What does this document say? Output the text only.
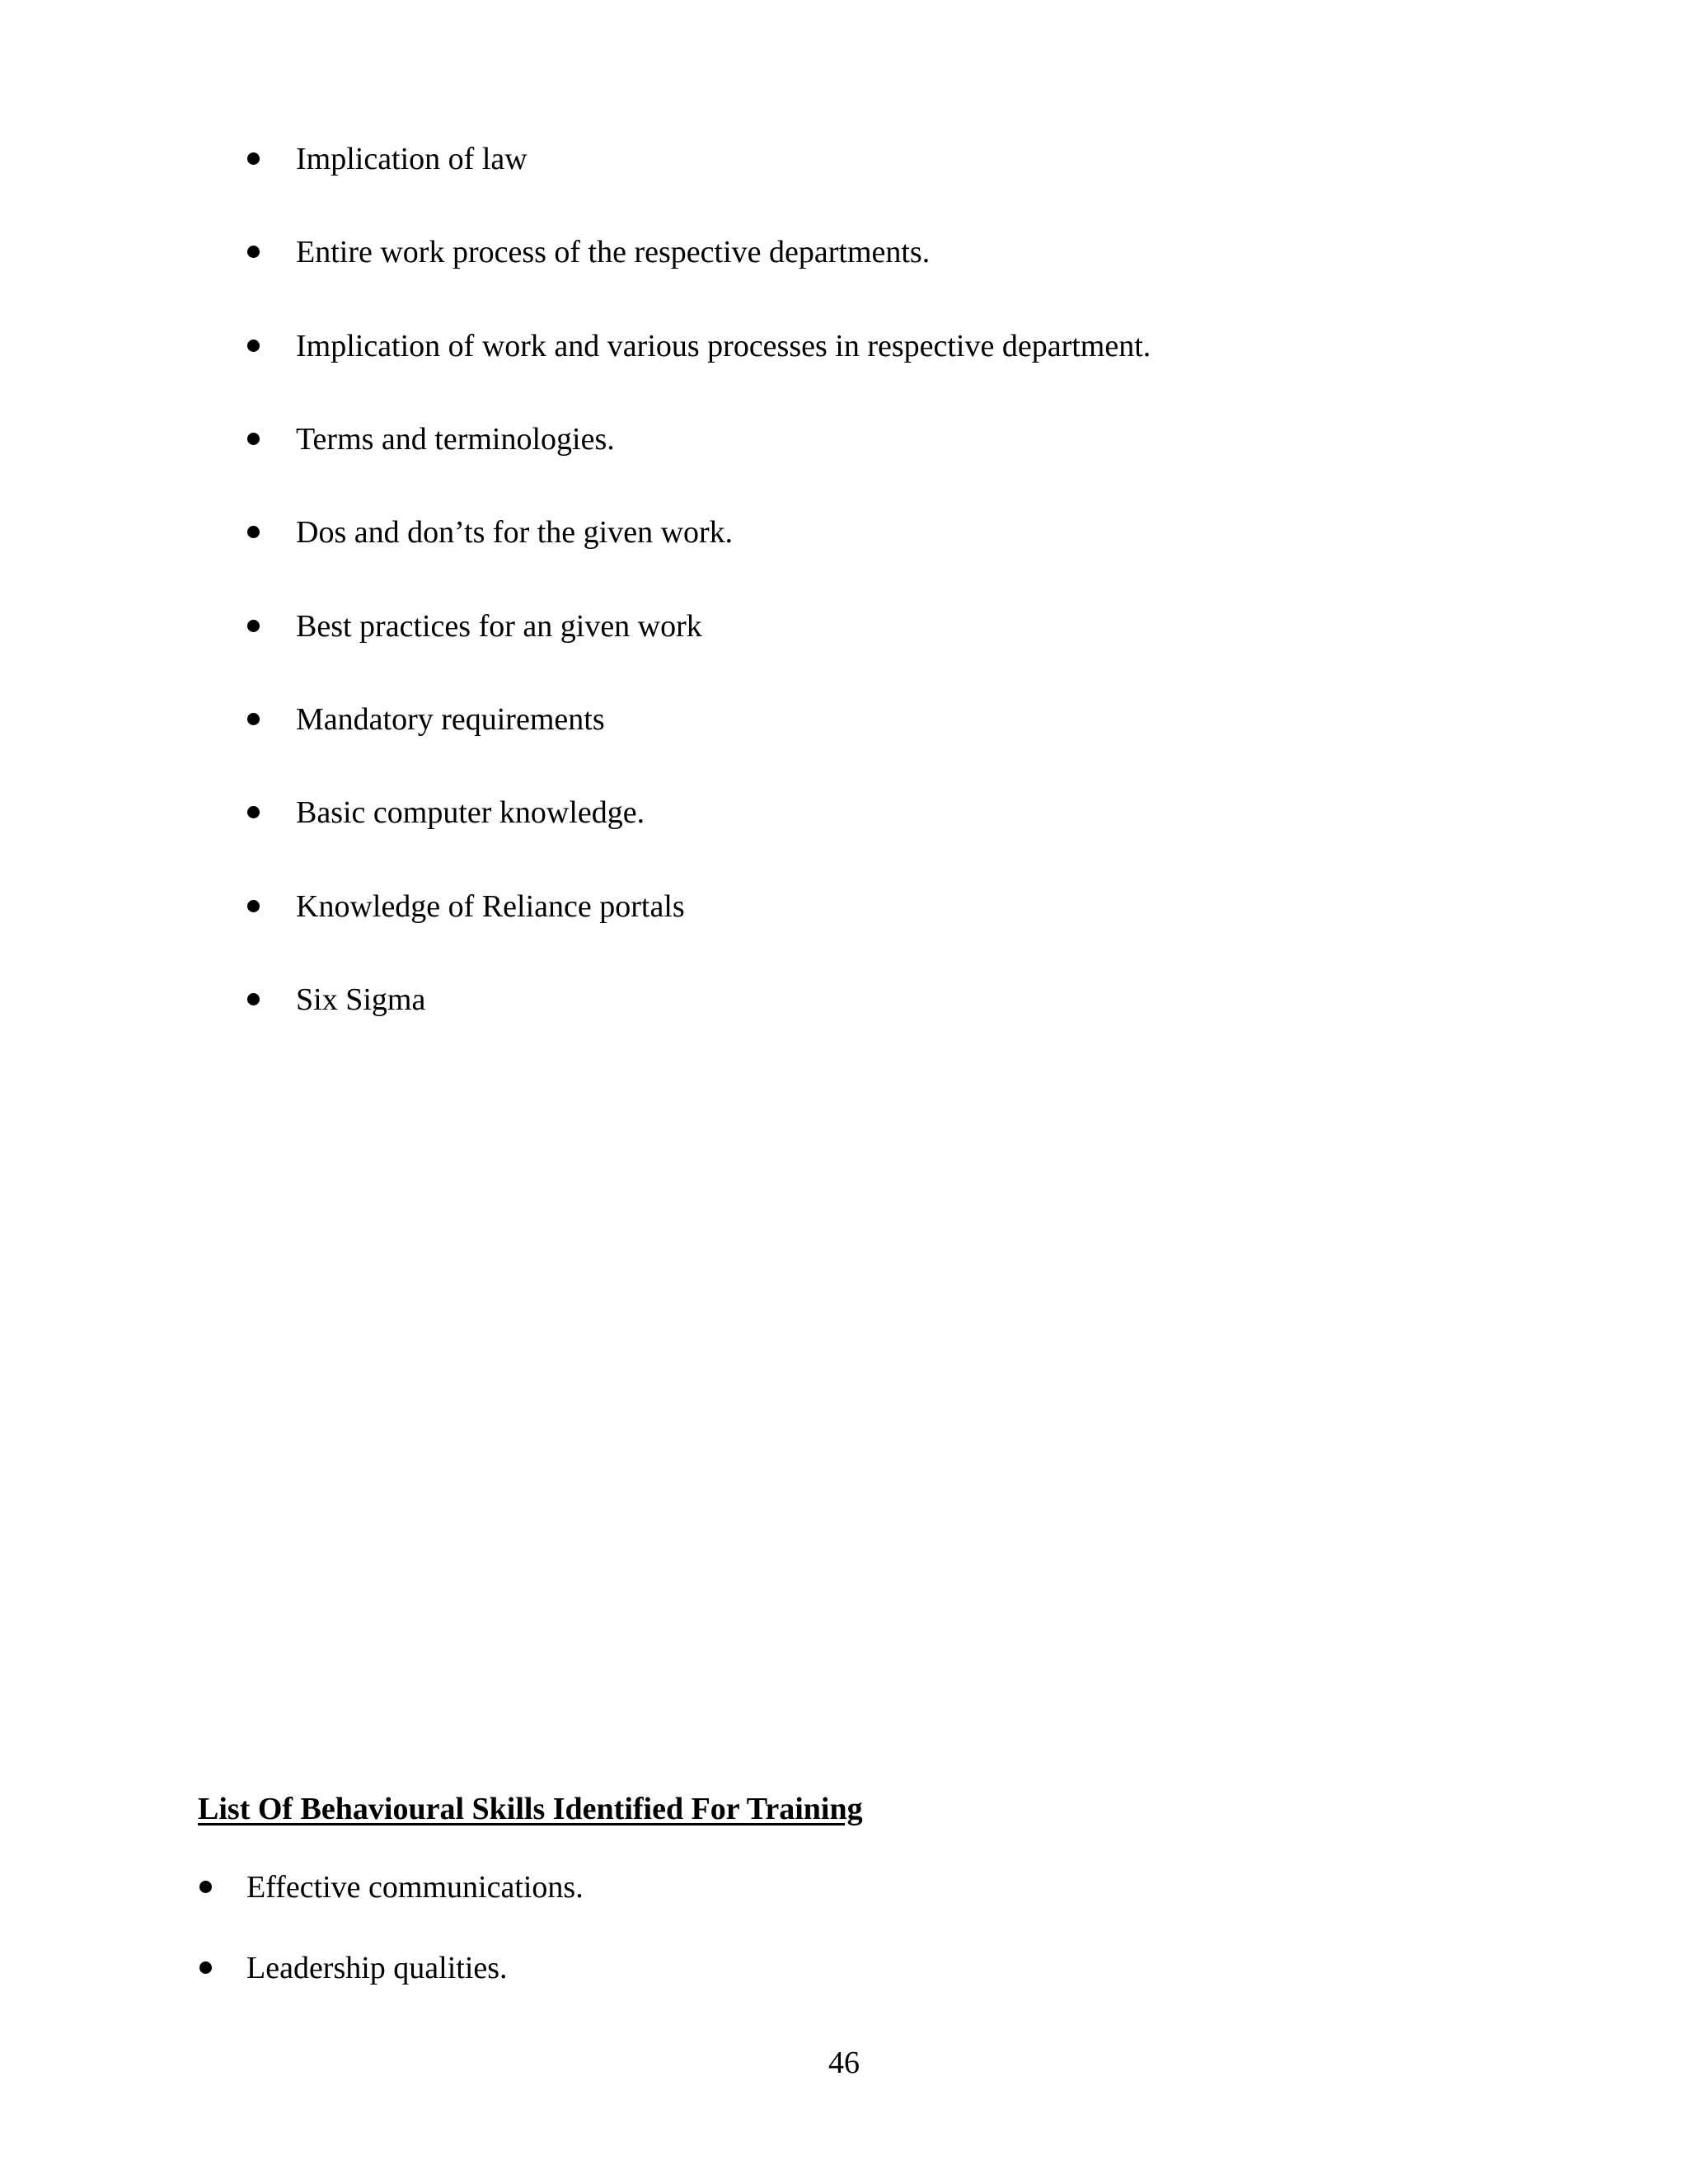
Implication of law
Entire work process of the respective departments.
Implication of work and various processes in respective department.
Terms and terminologies.
Dos and don’ts for the given work.
Best practices for an given work
Mandatory requirements
Basic computer knowledge.
Knowledge of Reliance portals
Six Sigma
List Of Behavioural Skills Identified For Training
Effective communications.
Leadership qualities.
46
